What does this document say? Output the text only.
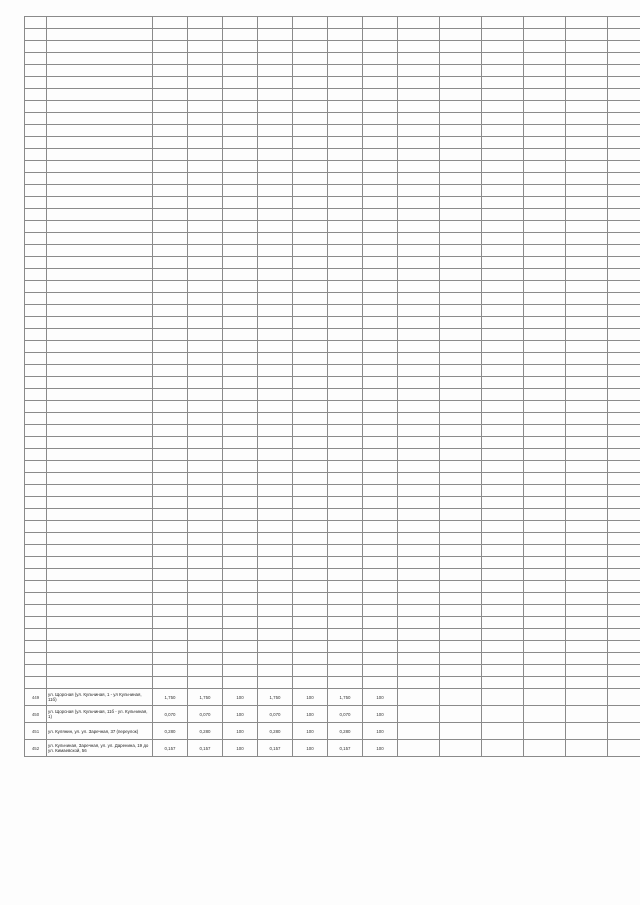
449	ул. Щорсная (ул. Кульчиная, 1 - ул Кульчиная, 11б)	1,750	1,750	100	1,750	100	1,750	100								
450	ул. Щорсная (ул. Кульчиная, 11б - ул. Кульчиная, 1)	0,070	0,070	100	0,070	100	0,070	100								
451	ул. Кулянин, ул. ул. Заречная, 37 (переулок)	0,280	0,280	100	0,280	100	0,280	100								
452	ул. Кульчиная, Заречная, ул. ул. Даренина, 19 до ул. Кимаевской, 56	0,157	0,157	100	0,157	100	0,157	100								
